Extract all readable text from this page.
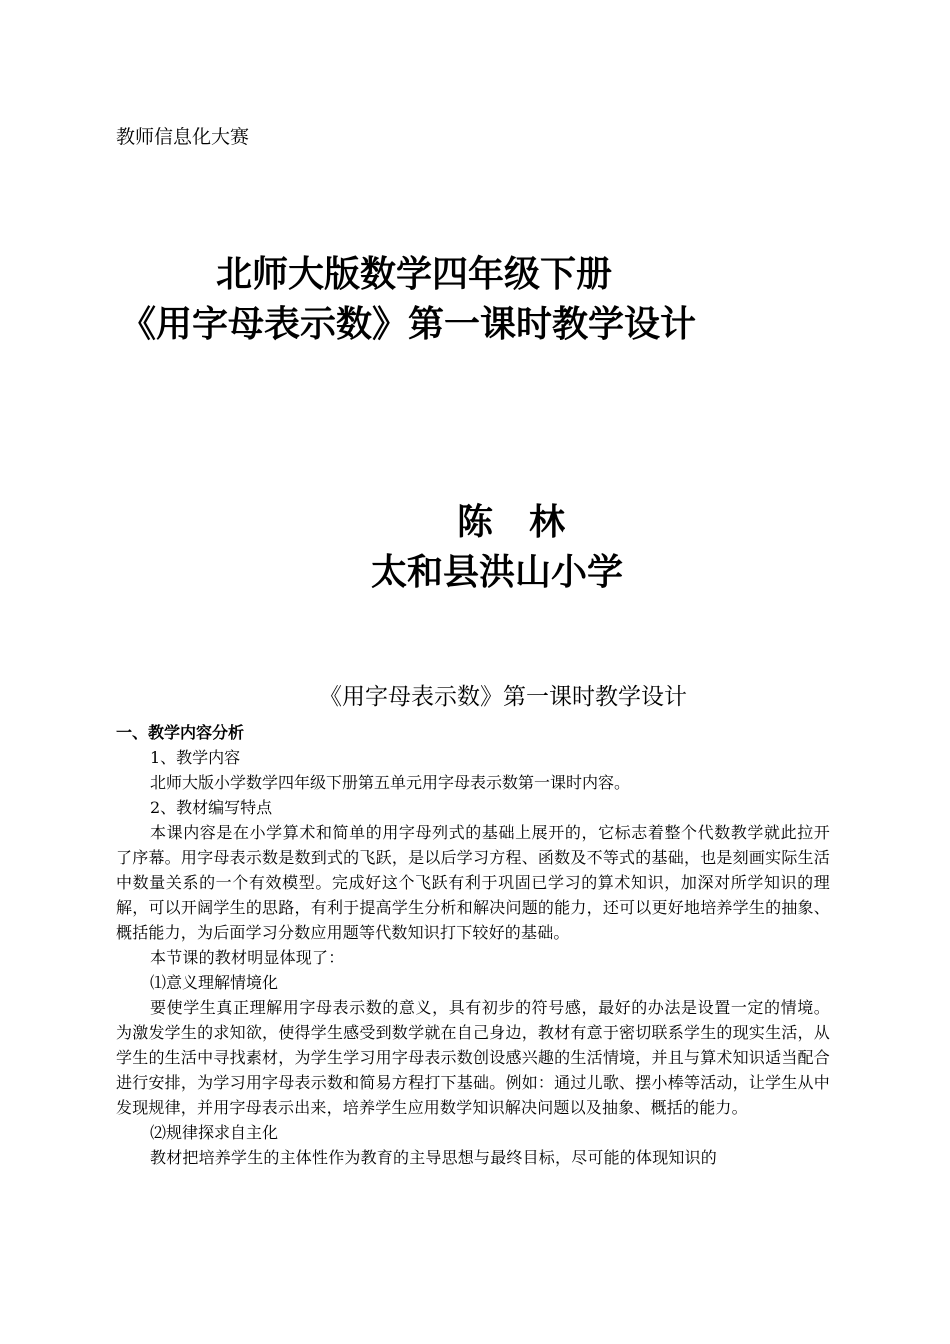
教师信息化大赛
北师大版数学四年级下册
《用字母表示数》第一课时教学设计
陈　林
太和县洪山小学
《用字母表示数》第一课时教学设计
一、教学内容分析
1、教学内容
北师大版小学数学四年级下册第五单元用字母表示数第一课时内容。
2、教材编写特点

本课内容是在小学算术和简单的用字母列式的基础上展开的，它标志着整个代数教学就此拉开了序幕。用字母表示数是数到式的飞跃，是以后学习方程、函数及不等式的基础，也是刻画实际生活中数量关系的一个有效模型。完成好这个飞跃有利于巩固已学习的算术知识，加深对所学知识的理解，可以开阔学生的思路，有利于提高学生分析和解决问题的能力，还可以更好地培养学生的抽象、概括能力，为后面学习分数应用题等代数知识打下较好的基础。

本节课的教材明显体现了：

⑴意义理解情境化

要使学生真正理解用字母表示数的意义，具有初步的符号感，最好的办法是设置一定的情境。为激发学生的求知欲，使得学生感受到数学就在自己身边，教材有意于密切联系学生的现实生活，从学生的生活中寻找素材，为学生学习用字母表示数创设感兴趣的生活情境，并且与算术知识适当配合进行安排，为学习用字母表示数和简易方程打下基础。例如：通过儿歌、摆小棒等活动，让学生从中发现规律，并用字母表示出来，培养学生应用数学知识解决问题以及抽象、概括的能力。

⑵规律探求自主化

教材把培养学生的主体性作为教育的主导思想与最终目标，尽可能的体现知识的
